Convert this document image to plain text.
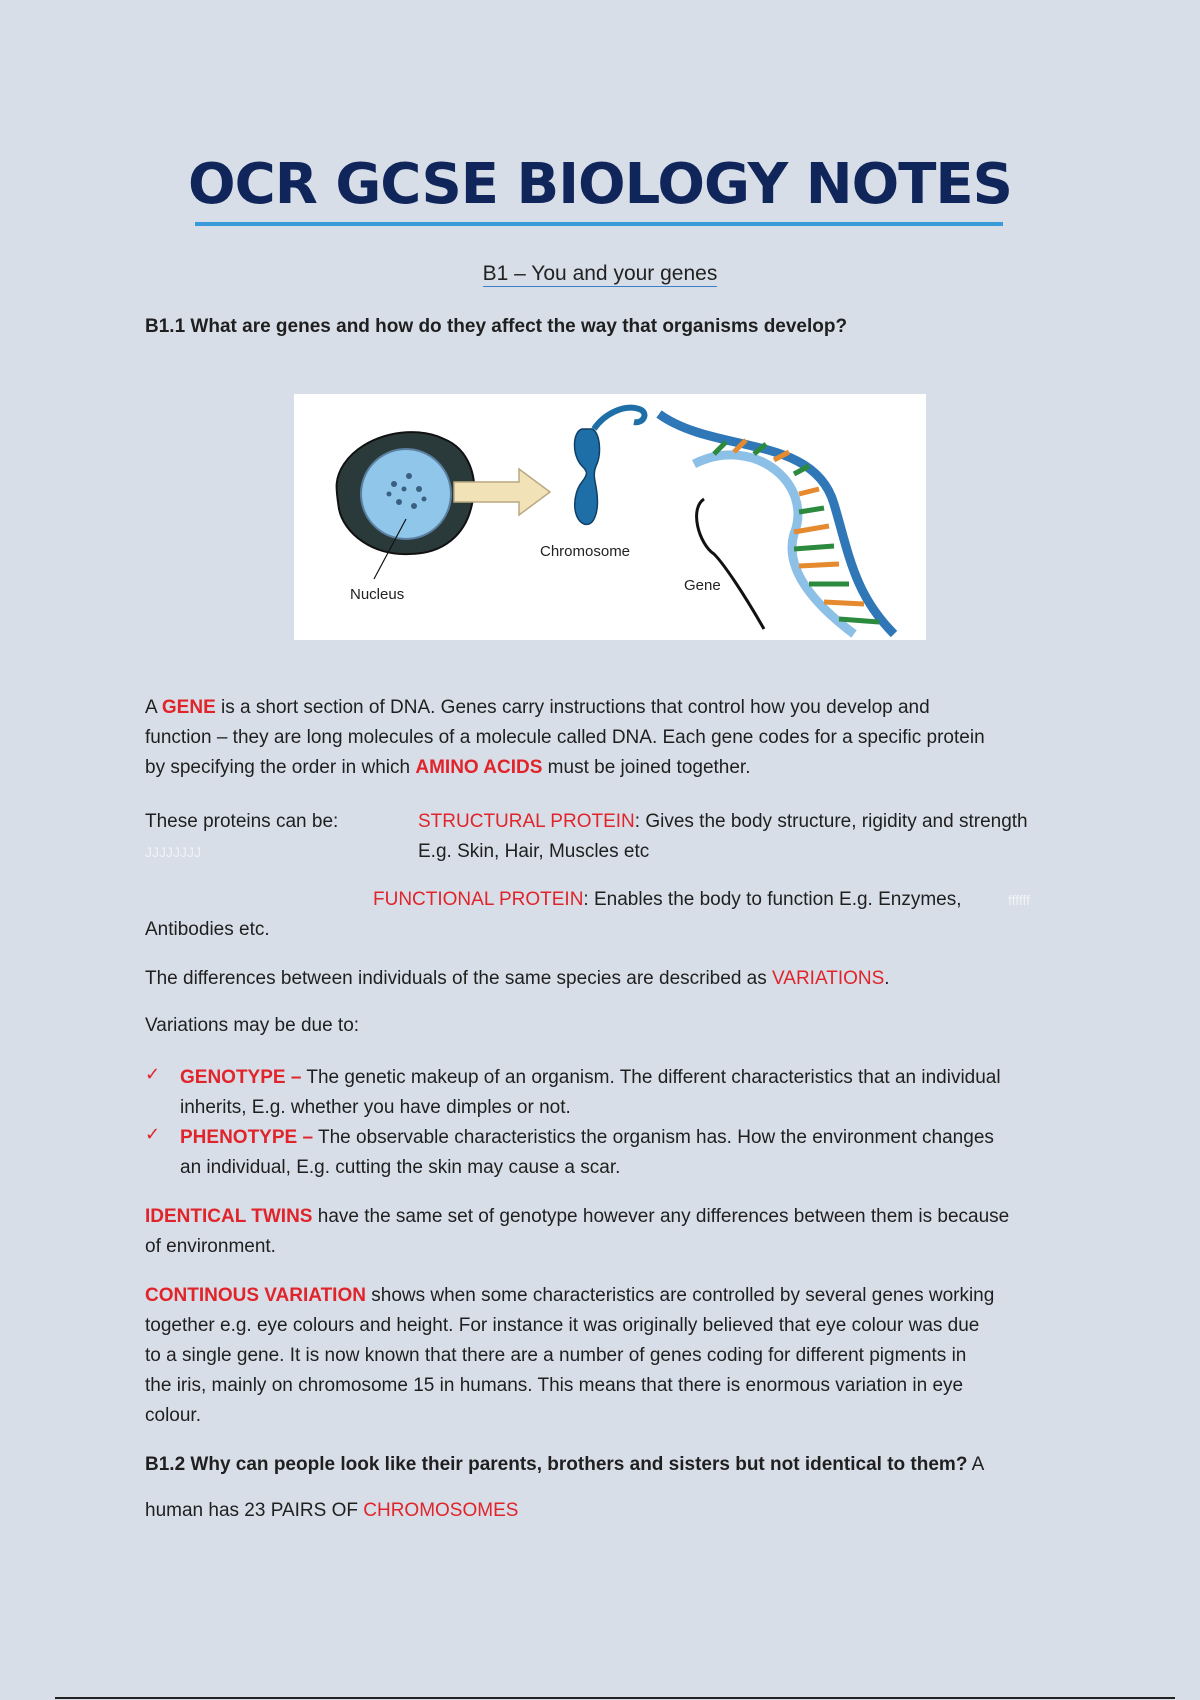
OCR GCSE BIOLOGY NOTES
B1 – You and your genes
B1.1 What are genes and how do they affect the way that organisms develop?
Nucleus
Chromosome
Gene
A GENE is a short section of DNA. Genes carry instructions that control how you develop and
function – they are long molecules of a molecule called DNA. Each gene codes for a specific protein
by specifying the order in which AMINO ACIDS must be joined together.
These proteins can be:
JJJJJJJJ
STRUCTURAL PROTEIN: Gives the body structure, rigidity and strength
E.g. Skin, Hair, Muscles etc
FUNCTIONAL PROTEIN: Enables the body to function E.g. Enzymes,	ffffff
Antibodies etc.
The differences between individuals of the same species are described as VARIATIONS.
Variations may be due to:
✓ GENOTYPE – The genetic makeup of an organism. The different characteristics that an individual
inherits, E.g. whether you have dimples or not.
✓ PHENOTYPE – The observable characteristics the organism has. How the environment changes
an individual, E.g. cutting the skin may cause a scar.
IDENTICAL TWINS have the same set of genotype however any differences between them is because
of environment.
CONTINOUS VARIATION shows when some characteristics are controlled by several genes working
together e.g. eye colours and height. For instance it was originally believed that eye colour was due
to a single gene. It is now known that there are a number of genes coding for different pigments in
the iris, mainly on chromosome 15 in humans. This means that there is enormous variation in eye
colour.
B1.2 Why can people look like their parents, brothers and sisters but not identical to them? A
human has 23 PAIRS OF CHROMOSOMES
